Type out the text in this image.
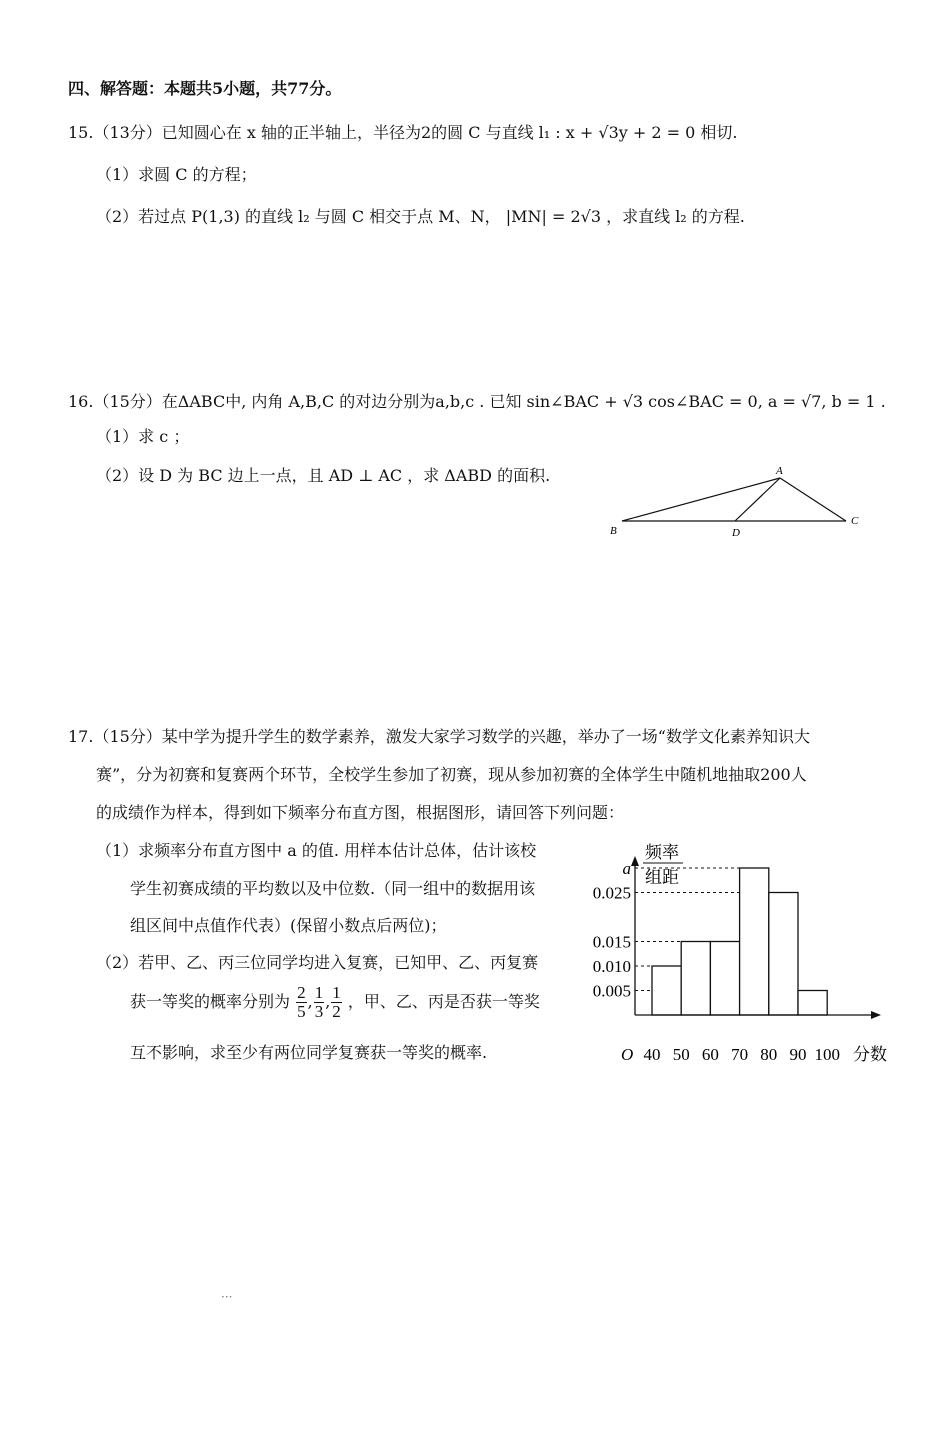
四、解答题：本题共5小题，共77分。
15.（13分）已知圆心在 x 轴的正半轴上，半径为2的圆 C 与直线 l₁ : x + √3y + 2 = 0 相切.
（1）求圆 C 的方程；
（2）若过点 P(1,3) 的直线 l₂ 与圆 C 相交于点 M、N， |MN| = 2√3 ，求直线 l₂ 的方程.
16.（15分）在ΔABC中, 内角 A,B,C 的对边分别为a,b,c . 已知 sin∠BAC + √3 cos∠BAC = 0, a = √7, b = 1 .
（1）求 c ；
（2）设 D 为 BC 边上一点，且 AD ⊥ AC ，求 ΔABD 的面积.	A
B
C
D
17.（15分）某中学为提升学生的数学素养，激发大家学习数学的兴趣，举办了一场“数学文化素养知识大
赛”，分为初赛和复赛两个环节，全校学生参加了初赛，现从参加初赛的全体学生中随机地抽取200人
的成绩作为样本，得到如下频率分布直方图，根据图形，请回答下列问题：
（1）求频率分布直方图中 a 的值. 用样本估计总体，估计该校
学生初赛成绩的平均数以及中位数.（同一组中的数据用该
组区间中点值作代表）(保留小数点后两位)；
（2）若甲、乙、丙三位同学均进入复赛，已知甲、乙、丙复赛
获一等奖的概率分别为 $\frac{2}{5}$ , $\frac{1}{3}$ , $\frac{1}{2}$ ，甲、乙、丙是否获一等奖
互不影响，求至少有两位同学复赛获一等奖的概率.
频率
组距
O	分数
0.005
0.010
0.015
0.025
a
40 50 60 70 80 90 100
···
